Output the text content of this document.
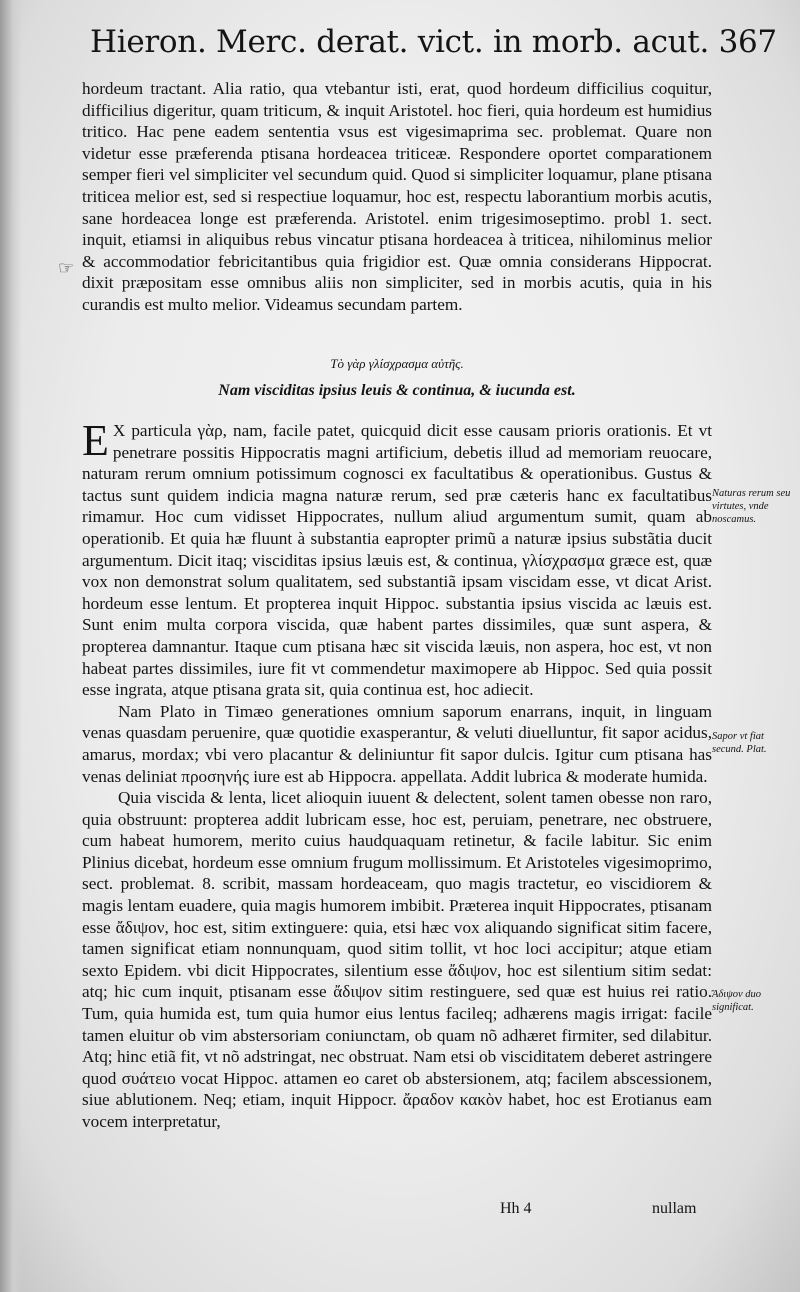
Hieron. Merc. derat. vict. in morb. acut. 367
☞

hordeum tractant. Alia ratio, qua vtebantur isti, erat, quod hordeum difficilius coquitur, difficilius digeritur, quam triticum, & inquit Aristotel. hoc fieri, quia hordeum est humidius tritico. Hac pene eadem sententia vsus est vigesimaprima sec. problemat. Quare non videtur esse præferenda ptisana hordeacea triticeæ. Respondere oportet comparationem semper fieri vel simpliciter vel secundum quid. Quod si simpliciter loquamur, plane ptisana triticea melior est, sed si respectiue loquamur, hoc est, respectu laborantium morbis acutis, sane hordeacea longe est præferenda. Aristotel. enim trigesimoseptimo. probl 1. sect. inquit, etiamsi in aliquibus rebus vincatur ptisana hordeacea à triticea, nihilominus melior & accommodatior febricitantibus quia frigidior est. Quæ omnia considerans Hippocrat. dixit præpositam esse omnibus aliis non simpliciter, sed in morbis acutis, quia in his curandis est multo melior. Videamus secundam partem.

Τὸ γὰρ γλίσχρασμα αὐτῆς.
Nam visciditas ipsius leuis & continua, & iucunda est.

E X particula γὰρ, nam, facile patet, quicquid dicit esse causam prioris orationis. Et vt penetrare possitis Hippocratis magni artificium, debetis illud ad memoriam reuocare, naturam rerum omnium potissimum cognosci ex facultatibus & operationibus. Gustus & tactus sunt quidem indicia magna naturæ rerum, sed præ cæteris hanc ex facultatibus rimamur. Hoc cum vidisset Hippocrates, nullum aliud argumentum sumit, quam ab operationib. Et quia hæ fluunt à substantia eapropter primũ a naturæ ipsius substãtia ducit argumentum. Dicit itaq; visciditas ipsius læuis est, & continua, γλίσχρασμα græce est, quæ vox non demonstrat solum qualitatem, sed substantiã ipsam viscidam esse, vt dicat Arist. hordeum esse lentum. Et propterea inquit Hippoc. substantia ipsius viscida ac læuis est. Sunt enim multa corpora viscida, quæ habent partes dissimiles, quæ sunt aspera, & propterea damnantur. Itaque cum ptisana hæc sit viscida læuis, non aspera, hoc est, vt non habeat partes dissimiles, iure fit vt commendetur maximopere ab Hippoc. Sed quia possit esse ingrata, atque ptisana grata sit, quia continua est, hoc adiecit.

Nam Plato in Timæo generationes omnium saporum enarrans, inquit, in linguam venas quasdam peruenire, quæ quotidie exasperantur, & veluti diuelluntur, fit sapor acidus, amarus, mordax; vbi vero placantur & deliniuntur fit sapor dulcis. Igitur cum ptisana has venas deliniat προσηνής iure est ab Hippocra. appellata. Addit lubrica & moderate humida.

Quia viscida & lenta, licet alioquin iuuent & delectent, solent tamen obesse non raro, quia obstruunt: propterea addit lubricam esse, hoc est, peruiam, penetrare, nec obstruere, cum habeat humorem, merito cuius haudquaquam retinetur, & facile labitur. Sic enim Plinius dicebat, hordeum esse omnium frugum mollissimum. Et Aristoteles vigesimoprimo, sect. problemat. 8. scribit, massam hordeaceam, quo magis tractetur, eo viscidiorem & magis lentam euadere, quia magis humorem imbibit. Præterea inquit Hippocrates, ptisanam esse ἄδιψον, hoc est, sitim extinguere: quia, etsi hæc vox aliquando significat sitim facere, tamen significat etiam nonnunquam, quod sitim tollit, vt hoc loci accipitur; atque etiam sexto Epidem. vbi dicit Hippocrates, silentium esse ἄδιψον, hoc est silentium sitim sedat: atq; hic cum inquit, ptisanam esse ἄδιψον sitim restinguere, sed quæ est huius rei ratio. Tum, quia humida est, tum quia humor eius lentus facileq; adhærens magis irrigat: facile tamen eluitur ob vim abstersoriam coniunctam, ob quam nõ adhæret firmiter, sed dilabitur. Atq; hinc etiã fit, vt nõ adstringat, nec obstruat. Nam etsi ob visciditatem deberet astringere quod συάτειο vocat Hippoc. attamen eo caret ob abstersionem, atq; facilem abscessionem, siue ablutionem. Neq; etiam, inquit Hippocr. ἄραδον κακὸν habet, hoc est Erotianus eam vocem interpretatur,

Naturas rerum seu virtutes, vnde noscamus.
Sapor vt fiat secund. Plat.
Ἄδιψον duo significat.
Hh 4	nullam
